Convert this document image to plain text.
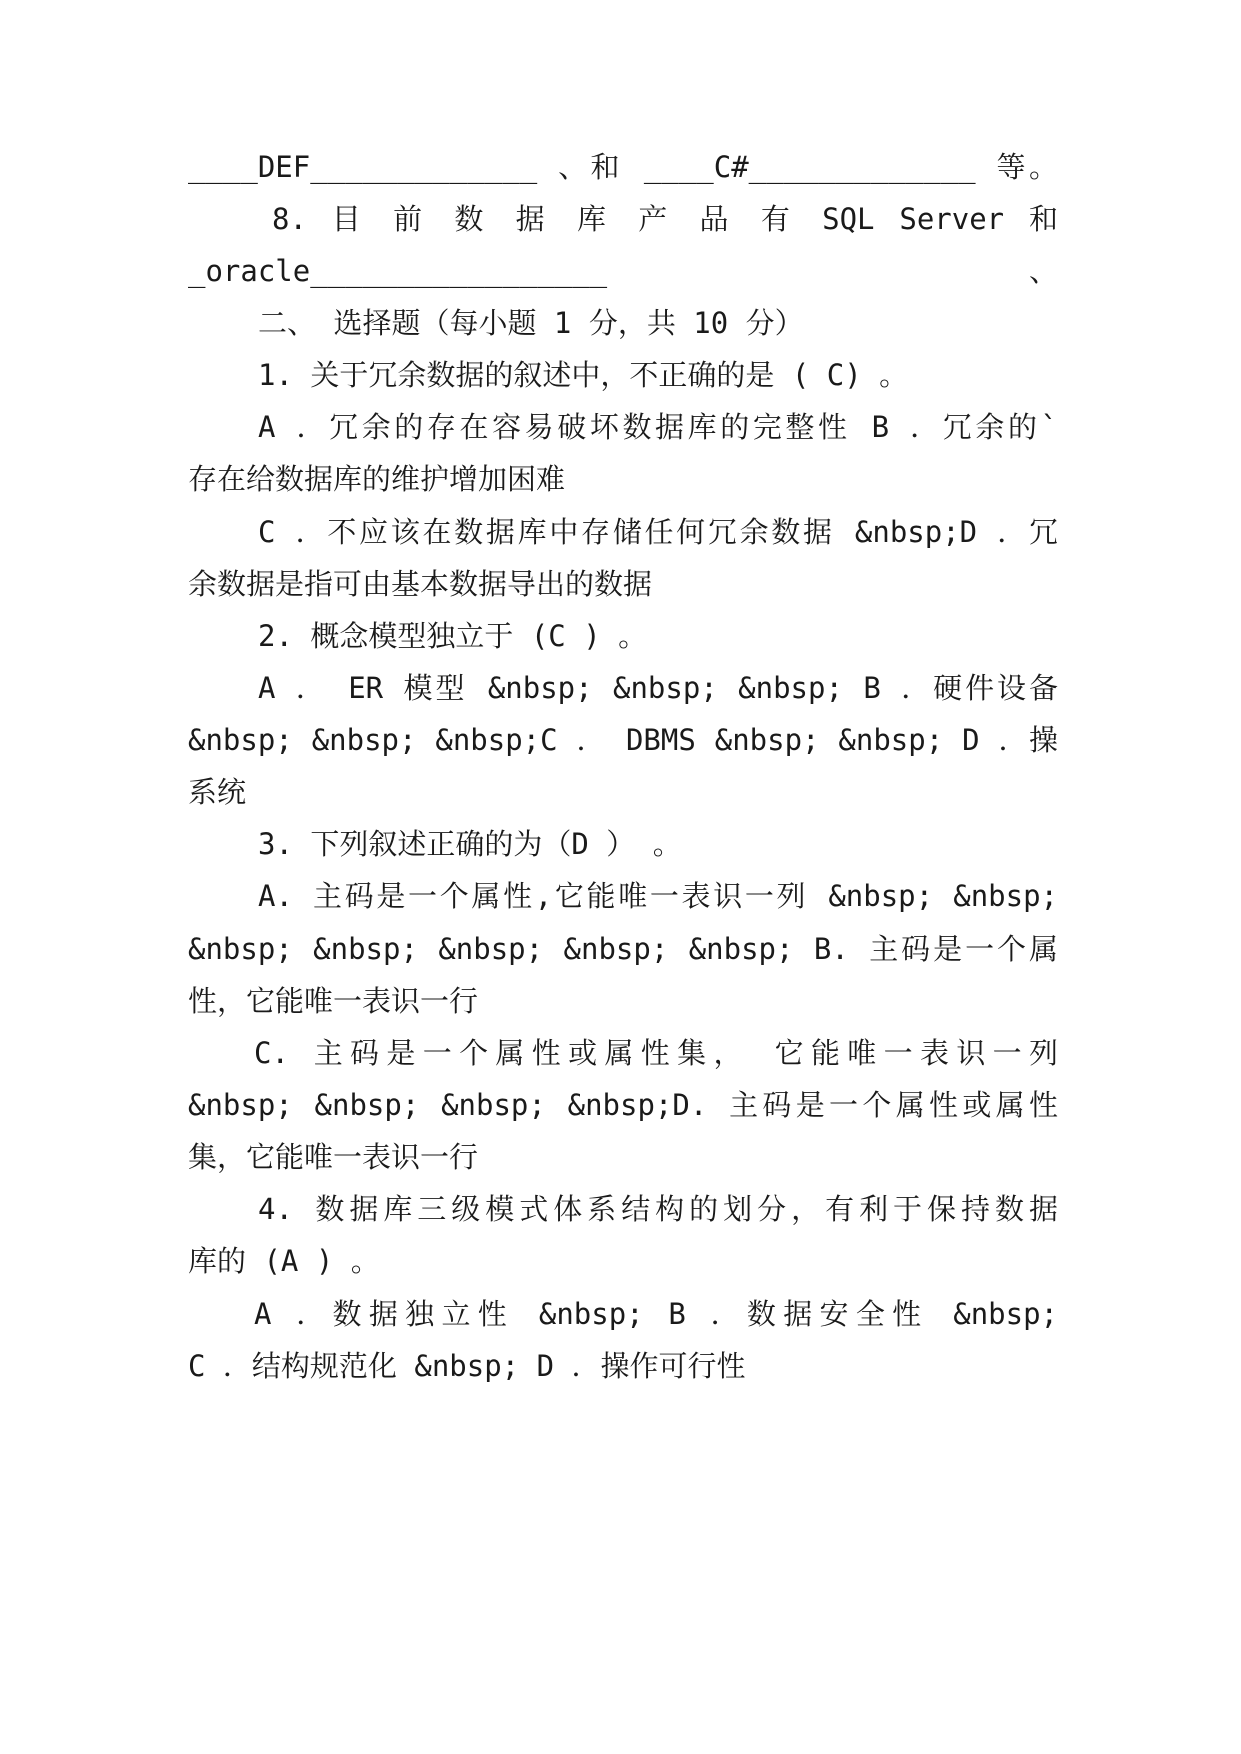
____DEF_____________ 、和 ____C#_____________ 等。
8. 目 前 数 据 库 产 品 有 SQL Server 和
_oracle_________________ 、
二、 选择题（每小题 1 分，共 10 分）
1. 关于冗余数据的叙述中，不正确的是 ( C) 。
A ．冗余的存在容易破坏数据库的完整性 B ．冗余的`
存在给数据库的维护增加困难
C ．不应该在数据库中存储任何冗余数据 &nbsp;D ．冗
余数据是指可由基本数据导出的数据
2. 概念模型独立于 (C ) 。
A ． ER 模型 &nbsp; &nbsp; &nbsp; B ．硬件设备
&nbsp; &nbsp; &nbsp;C ． DBMS &nbsp; &nbsp; D ．操
系统
3. 下列叙述正确的为（D ） 。
A. 主码是一个属性,它能唯一表识一列 &nbsp; &nbsp;
&nbsp; &nbsp; &nbsp; &nbsp; &nbsp; B. 主码是一个属
性，它能唯一表识一行
C. 主码是一个属性或属性集， 它能唯一表识一列
&nbsp; &nbsp; &nbsp; &nbsp;D. 主码是一个属性或属性
集，它能唯一表识一行
4. 数据库三级模式体系结构的划分，有利于保持数据
库的 (A ) 。
A ．数据独立性 &nbsp; B ．数据安全性 &nbsp;
C ．结构规范化 &nbsp; D ．操作可行性
